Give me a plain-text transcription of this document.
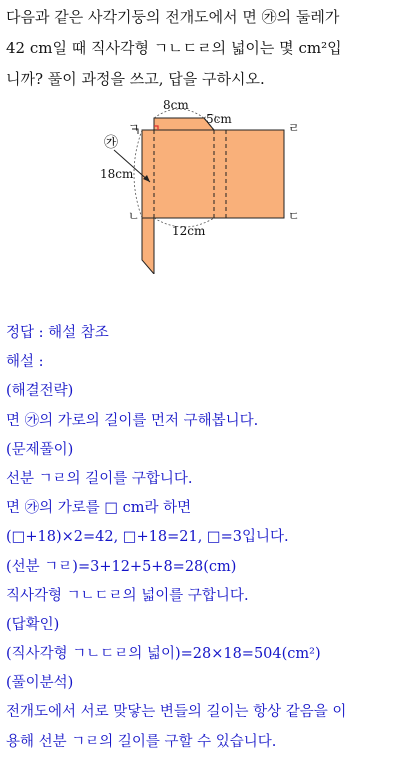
다음과 같은 사각기둥의 전개도에서 면 ㉮의 둘레가
42 cm일 때 직사각형 ㄱㄴㄷㄹ의 넓이는 몇 cm²입
니까? 풀이 과정을 쓰고, 답을 구하시오.
8cm
5cm
18cm
12cm
㉮
ㄱ
ㄴ	ㄷ
ㄹ
정답 : 해설 참조
해설 :
(해결전략)
면 ㉮의 가로의 길이를 먼저 구해봅니다.
(문제풀이)
선분 ㄱㄹ의 길이를 구합니다.
면 ㉮의 가로를 □ cm라 하면
(□+18)×2=42, □+18=21, □=3입니다.
(선분 ㄱㄹ)=3+12+5+8=28(cm)
직사각형 ㄱㄴㄷㄹ의 넓이를 구합니다.
(답확인)
(직사각형 ㄱㄴㄷㄹ의 넓이)=28×18=504(cm²)
(풀이분석)
전개도에서 서로 맞닿는 변들의 길이는 항상 같음을 이
용해 선분 ㄱㄹ의 길이를 구할 수 있습니다.
